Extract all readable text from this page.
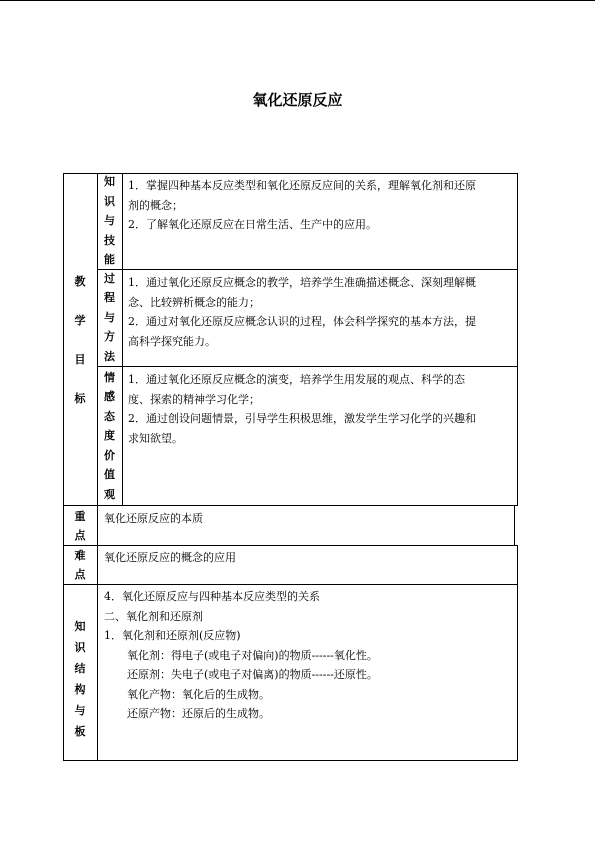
氧化还原反应
教
学
目
标
知
识
与
技
能

1．掌握四种基本反应类型和氧化还原反应间的关系，理解氧化剂和还原

剂的概念；

2．了解氧化还原反应在日常生活、生产中的应用。

过
程
与
方
法

1．通过氧化还原反应概念的教学，培养学生准确描述概念、深刻理解概

念、比较辨析概念的能力；

2．通过对氧化还原反应概念认识的过程，体会科学探究的基本方法，提

高科学探究能力。

情
感
态
度
价
值
观

1．通过氧化还原反应概念的演变，培养学生用发展的观点、科学的态

度、探索的精神学习化学；

2．通过创设问题情景，引导学生积极思维，激发学生学习化学的兴趣和

求知欲望。

重
点
氧化还原反应的本质
难
点
氧化还原反应的概念的应用
知
识
结
构
与
板

4．氧化还原反应与四种基本反应类型的关系

二、氧化剂和还原剂

1．氧化剂和还原剂(反应物)

氧化剂：得电子(或电子对偏向)的物质------氧化性。

还原剂：失电子(或电子对偏离)的物质------还原性。

氧化产物：氧化后的生成物。

还原产物：还原后的生成物。
